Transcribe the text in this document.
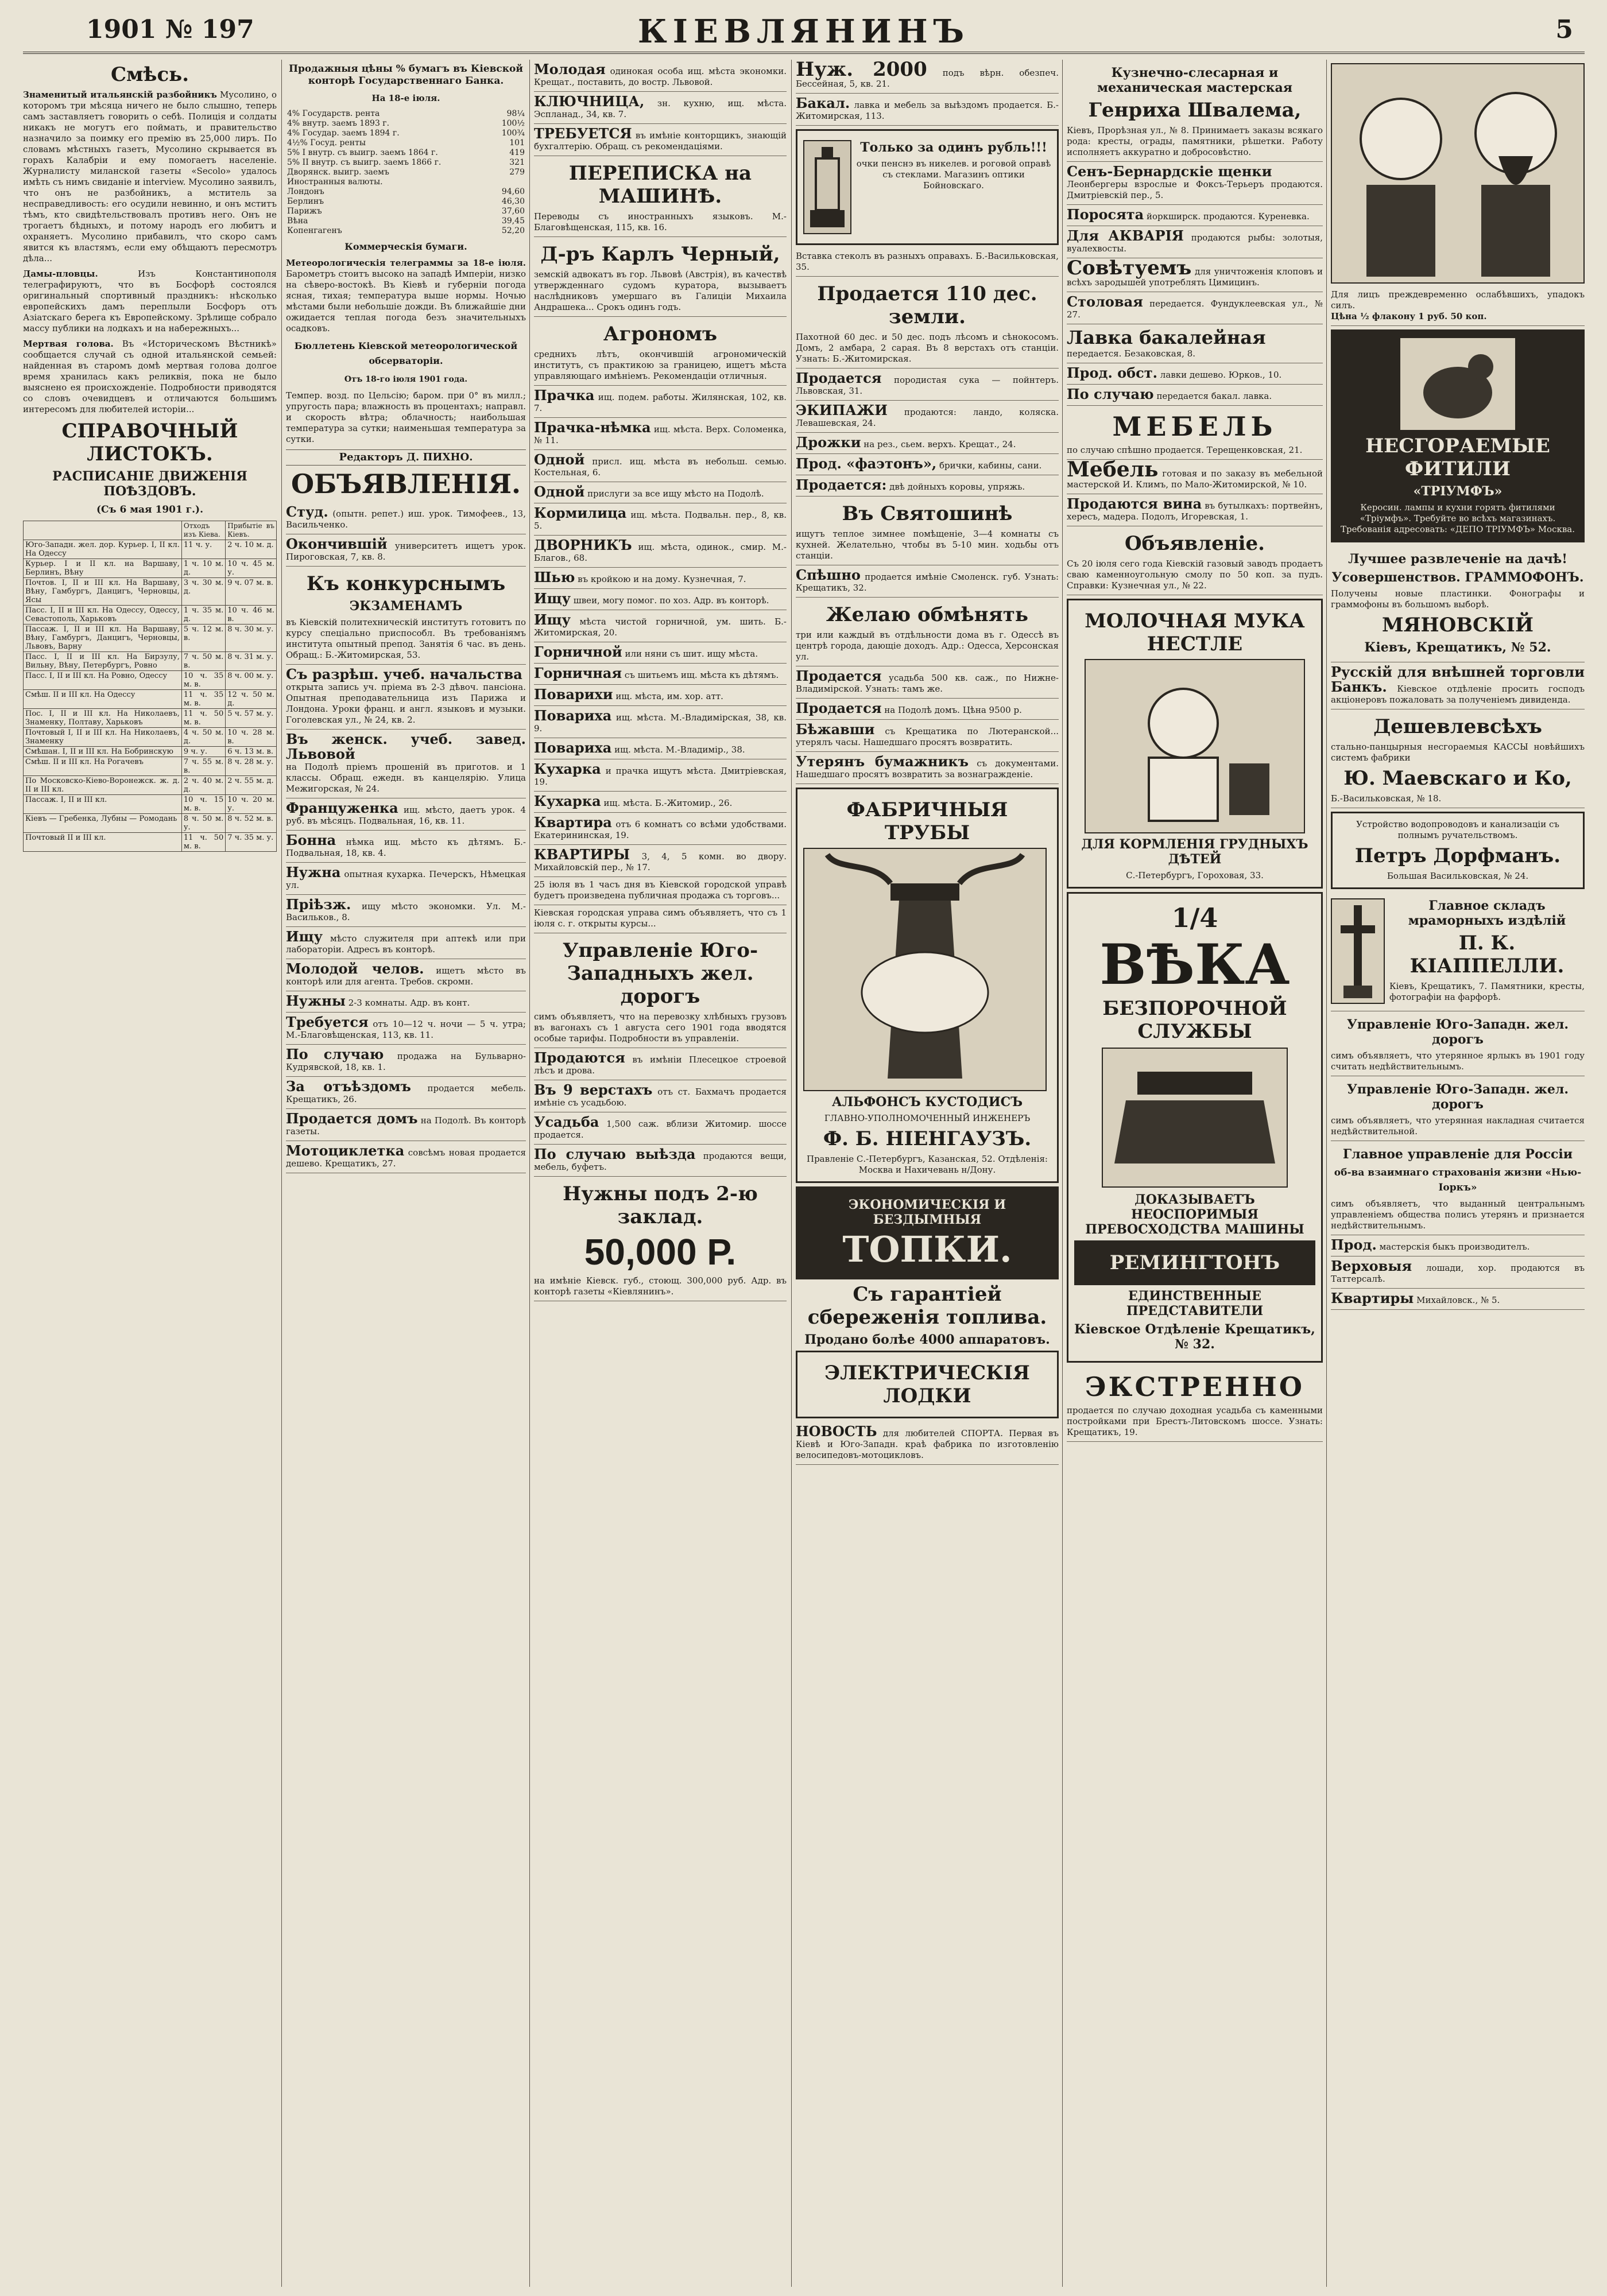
1901 № 197	КІЕВЛЯНИНЪ	5
Смѣсь.
Знаменитый итальянскій разбойникъ Мусолино, о которомъ три мѣсяца ничего не было слышно, теперь самъ заставляетъ говорить о себѣ. Полиція и солдаты никакъ не могутъ его поймать, и правительство назначило за поимку его премію въ 25,000 лиръ. По словамъ мѣстныхъ газетъ, Мусолино скрывается въ горахъ Калабріи и ему помогаетъ населеніе. Журналисту миланской газеты «Secolo» удалось имѣть съ нимъ свиданіе и interview. Мусолино заявилъ, что онъ не разбойникъ, а мститель за несправедливость: его осудили невинно, и онъ мститъ тѣмъ, кто свидѣтельствовалъ противъ него. Онъ не трогаетъ бѣдныхъ, и потому народъ его любитъ и охраняетъ. Мусолино прибавилъ, что скоро самъ явится къ властямъ, если ему обѣщаютъ пересмотръ дѣла...
Дамы-пловцы.	Изъ Константинополя телеграфируютъ, что въ Босфорѣ состоялся оригинальный спортивный праздникъ: нѣсколько европейскихъ дамъ переплыли Босфоръ отъ Азіатскаго берега къ Европейскому. Зрѣлище собрало массу публики на лодкахъ и на набережныхъ...
Мертвая голова. Въ «Историческомъ Вѣстникѣ» сообщается случай съ одной итальянской семьей: найденная въ старомъ домѣ мертвая голова долгое время хранилась какъ реликвія, пока не было выяснено ея происхожденіе. Подробности приводятся со словъ очевидцевъ и отличаются большимъ интересомъ для любителей исторіи...
СПРАВОЧНЫЙ ЛИСТОКЪ.
РАСПИСАНІЕ ДВИЖЕНІЯ ПОѢЗДОВЪ.
(Съ 6 мая 1901 г.).
	Отходъ изъ Кіева.	Прибытіе въ Кіевъ.
Юго-Западн. жел. дор. Курьер. I, II кл. На Одессу	11 ч. у.	2 ч. 10 м. д.
Курьер. I и II кл. на Варшаву, Берлинъ, Вѣну	1 ч. 10 м. д.	10 ч. 45 м. у.
Почтов. I, II и III кл. На Варшаву, Вѣну, Гамбургъ, Данцигъ, Черновцы, Ясы	3 ч. 30 м. д.	9 ч. 07 м. в.
Пасс. I, II и III кл. На Одессу, Одессу, Севастополь, Харьковъ	1 ч. 35 м. д.	10 ч. 46 м. в.
Пассаж. I, II и III кл. На Варшаву, Вѣну, Гамбургъ, Данцигъ, Черновцы, Львовъ, Варну	5 ч. 12 м. в.	8 ч. 30 м. у.
Пасс. I, II и III кл. На Бирзулу, Вильну, Вѣну, Петербургъ, Ровно	7 ч. 50 м. в.	8 ч. 31 м. у.
Пасс. I, II и III кл. На Ровно, Одессу	10 ч. 35 м. в.	8 ч. 00 м. у.
Смѣш. II и III кл. На Одессу	11 ч. 35 м. в.	12 ч. 50 м. д.
Пос. I, II и III кл. На Николаевъ, Знаменку, Полтаву, Харьковъ	11 ч. 50 м. в.	5 ч. 57 м. у.
Почтовый I, II и III кл. На Николаевъ, Знаменку	4 ч. 50 м. д.	10 ч. 28 м. в.
Смѣшан. I, II и III кл. На Бобринскую	9 ч. у.	6 ч. 13 м. в.
Смѣш. II и III кл. На Рогачевъ	7 ч. 55 м. в.	8 ч. 28 м. у.
По Московско-Кіево-Воронежск. ж. д. II и III кл.	2 ч. 40 м. д.	2 ч. 55 м. д.
Пассаж. I, II и III кл.	10 ч. 15 м. в.	10 ч. 20 м. у.
Кіевъ — Гребенка, Лубны — Ромодань	8 ч. 50 м. у.	8 ч. 52 м. в.
Почтовый II и III кл.	11 ч. 50 м. в.	7 ч. 35 м. у.
Продажныя цѣны % бумагъ въ Кіевской конторѣ Государственнаго Банка.
На 18-е іюля.
4% Государств. рента	98¼
4% внутр. заемъ 1893 г.	100½
4% Государ. заемъ 1894 г.	100¾
4½% Госуд. ренты	101
5% I внутр. съ выигр. заемъ 1864 г.	419
5% II внутр. съ выигр. заемъ 1866 г.	321
Дворянск. выигр. заемъ	279
Иностранныя валюты.	
Лондонъ	94,60
Берлинъ	46,30
Парижъ	37,60
Вѣна	39,45
Копенгагенъ	52,20
Коммерческія бумаги.
Метеорологическія телеграммы за 18-е іюля. Барометръ стоитъ высоко на западѣ Имперіи, низко на сѣверо-востокѣ. Въ Кіевѣ и губерніи погода ясная, тихая; температура выше нормы. Ночью мѣстами были небольшіе дожди. Въ ближайшіе дни ожидается теплая погода безъ значительныхъ осадковъ.
Бюллетень Кіевской метеорологической обсерваторіи.
Отъ 18-го іюля 1901 года.
Темпер. возд. по Цельсію; баром. при 0° въ милл.; упругость пара; влажность въ процентахъ; направл. и скорость вѣтра; облачность; наибольшая температура за сутки; наименьшая температура за сутки.
Редакторъ Д. ПИХНО.
ОБЪЯВЛЕНІЯ.
Студ. (опытн. репет.) иш. урок. Тимофеев., 13, Васильченко.
Окончившій университетъ ищетъ урок. Пироговская, 7, кв. 8.
Къ конкурснымъ
ЭКЗАМЕНАМЪ
въ Кіевскій политехническій институтъ готовитъ по курсу спеціально приспособл. Въ требованіямъ института опытный препод. Занятія 6 час. въ день. Обращ.: Б.-Житомирская, 53.
Съ разрѣш. учеб. начальства
открыта запись уч. пріема въ 2-3 дѣвоч. пансіона. Опытная преподавательница изъ Парижа и Лондона. Уроки франц. и англ. языковъ и музыки. Гоголевская ул., № 24, кв. 2.
Въ женск. учеб. завед. Львовой
на Подолѣ пріемъ прошеній въ приготов. и 1 классы. Обращ. ежедн. въ канцелярію. Улица Межигорская, № 24.
Француженка ищ. мѣсто, даетъ урок. 4 руб. въ мѣсяцъ. Подвальная, 16, кв. 11.
Бонна нѣмка ищ. мѣсто къ дѣтямъ. Б.-Подвальная, 18, кв. 4.
Нужна опытная кухарка. Печерскъ, Нѣмецкая ул.
Пріѣзж. ищу мѣсто экономки. Ул. М.-Васильков., 8.
Ищу мѣсто служителя при аптекѣ или при лабораторіи. Адресъ въ конторѣ.
Молодой челов. ищетъ мѣсто въ конторѣ или для агента. Требов. скромн.
Нужны 2-3 комнаты. Адр. въ конт.
Требуется отъ 10—12 ч. ночи — 5 ч. утра; М.-Благовѣщенская, 113, кв. 11.
По случаю продажа на Бульварно-Кудрявской, 18, кв. 1.
За отъѣздомъ продается мебель. Крещатикъ, 26.
Продается домъ на Подолѣ. Въ конторѣ газеты.
Мотоциклетка совсѣмъ новая продается дешево. Крещатикъ, 27.
Молодая одинокая особа ищ. мѣста экономки. Крещат., поставить, до востр. Львовой.
КЛЮЧНИЦА, зн. кухню, ищ. мѣста. Эспланад., 34, кв. 7.
ТРЕБУЕТСЯ въ имѣніе конторщикъ, знающій бухгалтерію. Обращ. съ рекомендаціями.
ПЕРЕПИСКА на МАШИНѢ.
Переводы съ иностранныхъ языковъ. М.-Благовѣщенская, 115, кв. 16.
Д-ръ Карлъ Черный,
земскій адвокатъ въ гор. Львовѣ (Австрія), въ качествѣ утвержденнаго судомъ куратора, вызываетъ наслѣдниковъ умершаго въ Галиціи Михаила Андрашека... Срокъ одинъ годъ.
Агрономъ
среднихъ лѣтъ, окончившій агрономическій институтъ, съ практикою за границею, ищетъ мѣста управляющаго имѣніемъ. Рекомендаціи отличныя.
Прачка ищ. подем. работы. Жилянская, 102, кв. 7.
Прачка-нѣмка ищ. мѣста. Верх. Соломенка, № 11.
Одной присл. ищ. мѣста въ небольш. семью. Костельная, 6.
Одной прислуги за все ищу мѣсто на Подолѣ.
Кормилица ищ. мѣста. Подвальн. пер., 8, кв. 5.
ДВОРНИКЪ ищ. мѣста, одинок., смир. М.-Благов., 68.
Шью въ кройкою и на дому. Кузнечная, 7.
Ищу швеи, могу помог. по хоз. Адр. въ конторѣ.
Ищу мѣста чистой горничной, ум. шить. Б.-Житомирская, 20.
Горничной или няни съ шит. ищу мѣста.
Горничная съ шитьемъ ищ. мѣста къ дѣтямъ.
Поварихи ищ. мѣста, им. хор. атт.
Повариха ищ. мѣста. М.-Владимірская, 38, кв. 9.
Повариха ищ. мѣста. М.-Владимір., 38.
Кухарка и прачка ищутъ мѣста. Дмитріевская, 19.
Кухарка ищ. мѣста. Б.-Житомир., 26.
Квартира отъ 6 комнатъ со всѣми удобствами. Екатерининская, 19.
КВАРТИРЫ 3, 4, 5 комн. во двору. Михайловскій пер., № 17.
25 іюля въ 1 часъ дня въ Кіевской городской управѣ будетъ произведена публичная продажа съ торговъ...
Кіевская городская управа симъ объявляетъ, что съ 1 іюля с. г. открыты курсы...
Управленіе Юго-Западныхъ жел. дорогъ
симъ объявляетъ, что на перевозку хлѣбныхъ грузовъ въ вагонахъ съ 1 августа сего 1901 года вводятся особые тарифы. Подробности въ управленіи.
Продаются въ имѣніи Плесецкое строевой лѣсъ и дрова.
Въ 9 верстахъ отъ ст. Бахмачъ продается имѣніе съ усадьбою.
Усадьба 1,500 саж. вблизи Житомир. шоссе продается.
По случаю выѣзда продаются вещи, мебель, буфетъ.
Нужны подъ 2-ю заклад.
50,000 Р.
на имѣніе Кіевск. губ., стоющ. 300,000 руб. Адр. въ конторѣ газеты «Кіевлянинъ».
Нуж. 2000 подъ вѣрн. обезпеч. Бессейная, 5, кв. 21.
Бакал. лавка и мебель за выѣздомъ продается. Б.-Житомирская, 113.
Только за одинъ рубль!!!
очки пенснэ въ никелев. и роговой оправѣ съ стеклами. Магазинъ оптики Бойновскаго.
Вставка стеколъ въ разныхъ оправахъ. Б.-Васильковская, 35.
Продается 110 дес. земли.
Пахотной 60 дес. и 50 дес. подъ лѣсомъ и сѣнокосомъ. Домъ, 2 амбара, 2 сарая. Въ 8 верстахъ отъ станціи. Узнать: Б.-Житомирская.
Продается породистая сука — пойнтеръ. Львовская, 31.
ЭКИПАЖИ продаются: ландо, коляска. Левашевская, 24.
Дрожки на рез., сьем. верхъ. Крещат., 24.
Прод. «фаэтонъ», брички, кабины, сани.
Продается: двѣ дойныхъ коровы, упряжь.
Въ Святошинѣ
ищутъ теплое зимнее помѣщеніе, 3—4 комнаты съ кухней. Желательно, чтобы въ 5-10 мин. ходьбы отъ станціи.
Спѣшно продается имѣніе Смоленск. губ. Узнать: Крещатикъ, 32.
Желаю обмѣнять
три или каждый въ отдѣльности дома въ г. Одессѣ въ центрѣ города, дающіе доходъ. Адр.: Одесса, Херсонская ул.
Продается усадьба 500 кв. саж., по Нижне-Владимірской. Узнать: тамъ же.
Продается на Подолѣ домъ. Цѣна 9500 р.
Бѣжавши съ Крещатика по Лютеранской... утерялъ часы. Нашедшаго просятъ возвратить.
Утерянъ бумажникъ съ документами. Нашедшаго просятъ возвратить за вознагражденіе.
ФАБРИЧНЫЯ ТРУБЫ
АЛЬФОНСЪ КУСТОДИСЪ
ГЛАВНО-УПОЛНОМОЧЕННЫЙ ИНЖЕНЕРЪ
Ф. Б. НІЕНГАУЗЪ.
Правленіе С.-Петербургъ, Казанская, 52. Отдѣленія: Москва и Нахичевань н/Дону.
ЭКОНОМИЧЕСКІЯ И БЕЗДЫМНЫЯ
ТОПКИ.
Съ гарантіей сбереженія топлива.
Продано болѣе 4000 аппаратовъ.
ЭЛЕКТРИЧЕСКІЯ ЛОДКИ
НОВОСТЬ для любителей СПОРТА. Первая въ Кіевѣ и Юго-Западн. краѣ фабрика по изготовленію велосипедовъ-мотоцикловъ.
Кузнечно-слесарная и механическая мастерская
Генриха Швалема,
Кіевъ, Прорѣзная ул., № 8. Принимаетъ заказы всякаго рода: кресты, ограды, памятники, рѣшетки. Работу исполняетъ аккуратно и добросовѣстно.
Сенъ-Бернардскіе щенки
Леонбергеры взрослые и Фоксъ-Терьеръ продаются. Дмитріевскій пер., 5.
Поросята йоркширск. продаются. Куреневка.
Для АКВАРІЯ продаются рыбы: золотыя, вуалехвосты.
Совѣтуемъ для уничтоженія клоповъ и всѣхъ зародышей употреблять Цимицинъ.
Столовая передается. Фундуклеевская ул., № 27.
Лавка бакалейная
передается. Безаковская, 8.
Прод. обст. лавки дешево. Юрков., 10.
По случаю передается бакал. лавка.
МЕБЕЛЬ
по случаю спѣшно продается. Терещенковская, 21.
Мебель готовая и по заказу въ мебельной мастерской И. Климъ, по Мало-Житомирской, № 10.
Продаются вина въ бутылкахъ: портвейнъ, хересъ, мадера. Подолъ, Игоревская, 1.
Объявленіе.
Съ 20 іюля сего года Кіевскій газовый заводъ продаетъ сваю каменноугольную смолу по 50 коп. за пудъ. Справки: Кузнечная ул., № 22.
МОЛОЧНАЯ МУКА НЕСТЛЕ
ДЛЯ КОРМЛЕНІЯ ГРУДНЫХЪ ДѢТЕЙ
С.-Петербургъ, Гороховая, 33.
1/4
ВѢКА
БЕЗПОРОЧНОЙ СЛУЖБЫ
ДОКАЗЫВАЕТЪ НЕОСПОРИМЫЯ ПРЕВОСХОДСТВА МАШИНЫ
РЕМИНГТОНЪ
ЕДИНСТВЕННЫЕ ПРЕДСТАВИТЕЛИ
Кіевское Отдѣленіе Крещатикъ, № 32.
ЭКСТРЕННО
продается по случаю доходная усадьба съ каменными постройками при Брестъ-Литовскомъ шоссе. Узнать: Крещатикъ, 19.
Для лицъ преждевременно ослабѣвшихъ, упадокъ силъ.
Цѣна ½ флакону 1 руб. 50 коп.
НЕСГОРАЕМЫЕ ФИТИЛИ
«ТРІУМФЪ»
Керосин. лампы и кухни горятъ фитилями «Тріумфъ». Требуйте во всѣхъ магазинахъ.
Требованія адресовать: «ДЕПО ТРІУМФЪ» Москва.
Лучшее развлеченіе на дачѣ!
Усовершенствов. ГРАММОФОНЪ.
Получены новые пластинки. Фонографы и граммофоны въ большомъ выборѣ.
МЯНОВСКІЙ
Кіевъ, Крещатикъ, № 52.
Русскій для внѣшней торговли Банкъ. Кіевское отдѣленіе просить господъ акціонеровъ пожаловать за полученіемъ дивиденда.
Дешевлевсѣхъ
стально-панцырныя несгораемыя КАССЫ новѣйшихъ системъ фабрики
Ю. Маевскаго и Ко,
Б.-Васильковская, № 18.
Устройство водопроводовъ и канализаціи съ полнымъ ручательствомъ.
Петръ Дорфманъ.
Большая Васильковская, № 24.
Главное складъ мраморныхъ издѣлій
П. К. КІАППЕЛЛИ.
Кіевъ, Крещатикъ, 7. Памятники, кресты, фотографіи на фарфорѣ.
Управленіе Юго-Западн. жел. дорогъ
симъ объявляетъ, что утерянное ярлыкъ въ 1901 году считать недѣйствительнымъ.
Управленіе Юго-Западн. жел. дорогъ
симъ объявляетъ, что утерянная накладная считается недѣйствительной.
Главное управленіе для Россіи
об-ва взаимнаго страхованія жизни «Нью-Іоркъ»
симъ объявляетъ, что выданный центральнымъ управленіемъ общества полисъ утерянъ и признается недѣйствительнымъ.
Прод. мастерскія быкъ производителъ.
Верховыя лошади, хор. продаются въ Таттерсалѣ.
Квартиры Михайловск., № 5.
